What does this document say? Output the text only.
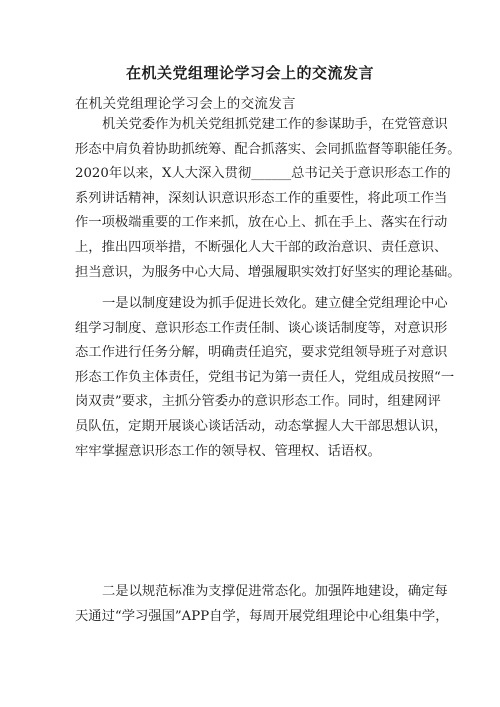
在机关党组理论学习会上的交流发言
在机关党组理论学习会上的交流发言
机关党委作为机关党组抓党建工作的参谋助手，在党管意识
形态中肩负着协助抓统筹、配合抓落实、会同抓监督等职能任务。
2020年以来，X人大深入贯彻______总书记关于意识形态工作的
系列讲话精神，深刻认识意识形态工作的重要性，将此项工作当
作一项极端重要的工作来抓，放在心上、抓在手上、落实在行动
上，推出四项举措，不断强化人大干部的政治意识、责任意识、
担当意识，为服务中心大局、增强履职实效打好坚实的理论基础。
一是以制度建设为抓手促进长效化。建立健全党组理论中心
组学习制度、意识形态工作责任制、谈心谈话制度等，对意识形
态工作进行任务分解，明确责任追究，要求党组领导班子对意识
形态工作负主体责任，党组书记为第一责任人，党组成员按照“一
岗双责”要求，主抓分管委办的意识形态工作。同时，组建网评
员队伍，定期开展谈心谈话活动，动态掌握人大干部思想认识，
牢牢掌握意识形态工作的领导权、管理权、话语权。
二是以规范标准为支撑促进常态化。加强阵地建设，确定每
天通过“学习强国”APP自学，每周开展党组理论中心组集中学，
